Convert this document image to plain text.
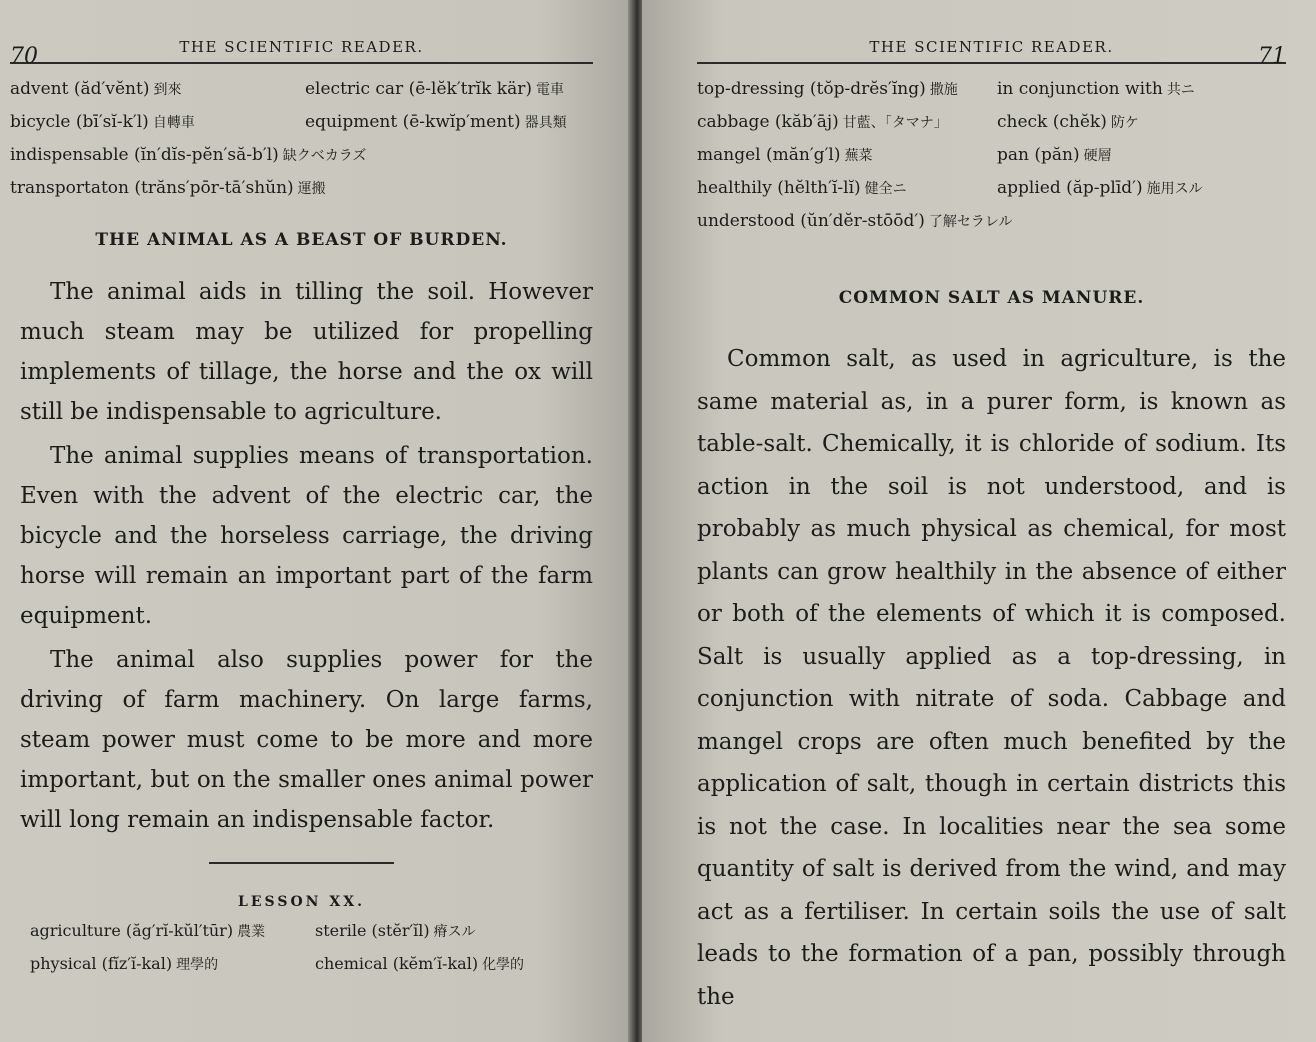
70	THE SCIENTIFIC READER.
advent (ăd′vĕnt) 到來	electric car (ē-lĕk′trĭk kär) 電車
bicycle (bī′sĭ-k′l) 自轉車	equipment (ē-kwĭp′ment) 器具類
indispensable (ĭn′dĭs-pĕn′să-b′l) 缺クベカラズ
transportaton (trăns′pōr-tā′shŭn) 運搬
THE ANIMAL AS A BEAST OF BURDEN.

The animal aids in tilling the soil. However much steam may be utilized for propelling implements of tillage, the horse and the ox will still be indispensable to agriculture.

The animal supplies means of transportation. Even with the advent of the electric car, the bicycle and the horseless carriage, the driving horse will remain an important part of the farm equipment.

The animal also supplies power for the driving of farm machinery. On large farms, steam power must come to be more and more important, but on the smaller ones animal power will long remain an indispensable factor.

LESSON XX.
agriculture (ăg′rĭ-kŭl′tūr) 農業	sterile (stĕr′ĭl) 瘠スル
physical (fĭz′ĭ-kal) 理學的	chemical (kĕm′ĭ-kal) 化學的
THE SCIENTIFIC READER.	71
top-dressing (tŏp-drĕs′ĭng) 撒施	in conjunction with 共ニ
cabbage (kăb′āj) 甘藍、「タマナ」	check (chĕk) 防ケ
mangel (măn′g′l) 蕪菜	pan (păn) 硬層
healthily (hĕlth′ĭ-lĭ) 健全ニ	applied (ăp-plīd′) 施用スル
understood (ŭn′dĕr-stōōd′) 了解セラレル
COMMON SALT AS MANURE.

Common salt, as used in agriculture, is the same material as, in a purer form, is known as table-salt. Chemically, it is chloride of sodium. Its action in the soil is not understood, and is probably as much physical as chemical, for most plants can grow healthily in the absence of either or both of the elements of which it is composed. Salt is usually applied as a top-dressing, in conjunction with nitrate of soda. Cabbage and mangel crops are often much benefited by the application of salt, though in certain districts this is not the case. In localities near the sea some quantity of salt is derived from the wind, and may act as a fertiliser. In certain soils the use of salt leads to the formation of a pan, possibly through the
